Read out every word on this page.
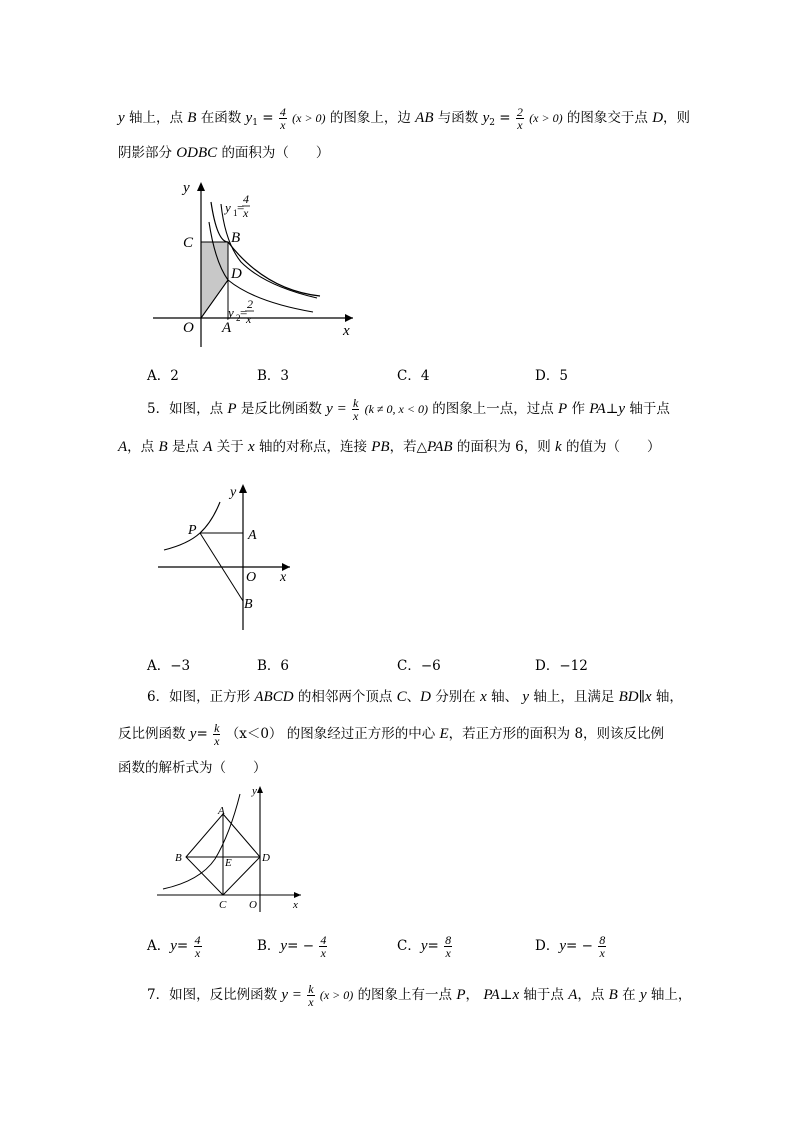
y 轴上，点 B 在函数 $y_1 = \frac{4}{x} (x > 0)$ 的图象上，边 AB 与函数 $y_2 = \frac{2}{x} (x > 0)$ 的图象交于点 D，则
阴影部分 ODBC 的面积为（　　）
y
x
O A
B
C
D
y 1 =
4
x
y 2 =
2
x
A．2	B．3	C．4	D．5
5．如图，点 P 是反比例函数 $y = \frac{k}{x} (k \ne 0$, x < 0) 的图象上一点，过点 P 作 PA⊥y 轴于点
A，点 B 是点 A 关于 x 轴的对称点，连接 PB，若△PAB 的面积为 6，则 k 的值为（　　）
y
x
O
A
B
P
A．−3	B．6	C．−6	D．−12
6．如图，正方形 ABCD 的相邻两个顶点 C、D 分别在 x 轴、 y 轴上，且满足 BD∥x 轴，
反比例函数 $y= \frac{k}{x} (x<0)$ 的图象经过正方形的中心 E，若正方形的面积为 8，则该反比例
函数的解析式为（　　）
y
x
O
A
B
C
D
E
A．$y= \frac{4}{x}$	B．$y= - \frac{4}{x}$	C．$y= \frac{8}{x}$	D．$y= - \frac{8}{x}$
7．如图，反比例函数 $y = \frac{k}{x} (x > 0)$ 的图象上有一点 P， PA⊥x 轴于点 A，点 B 在 y 轴上，
